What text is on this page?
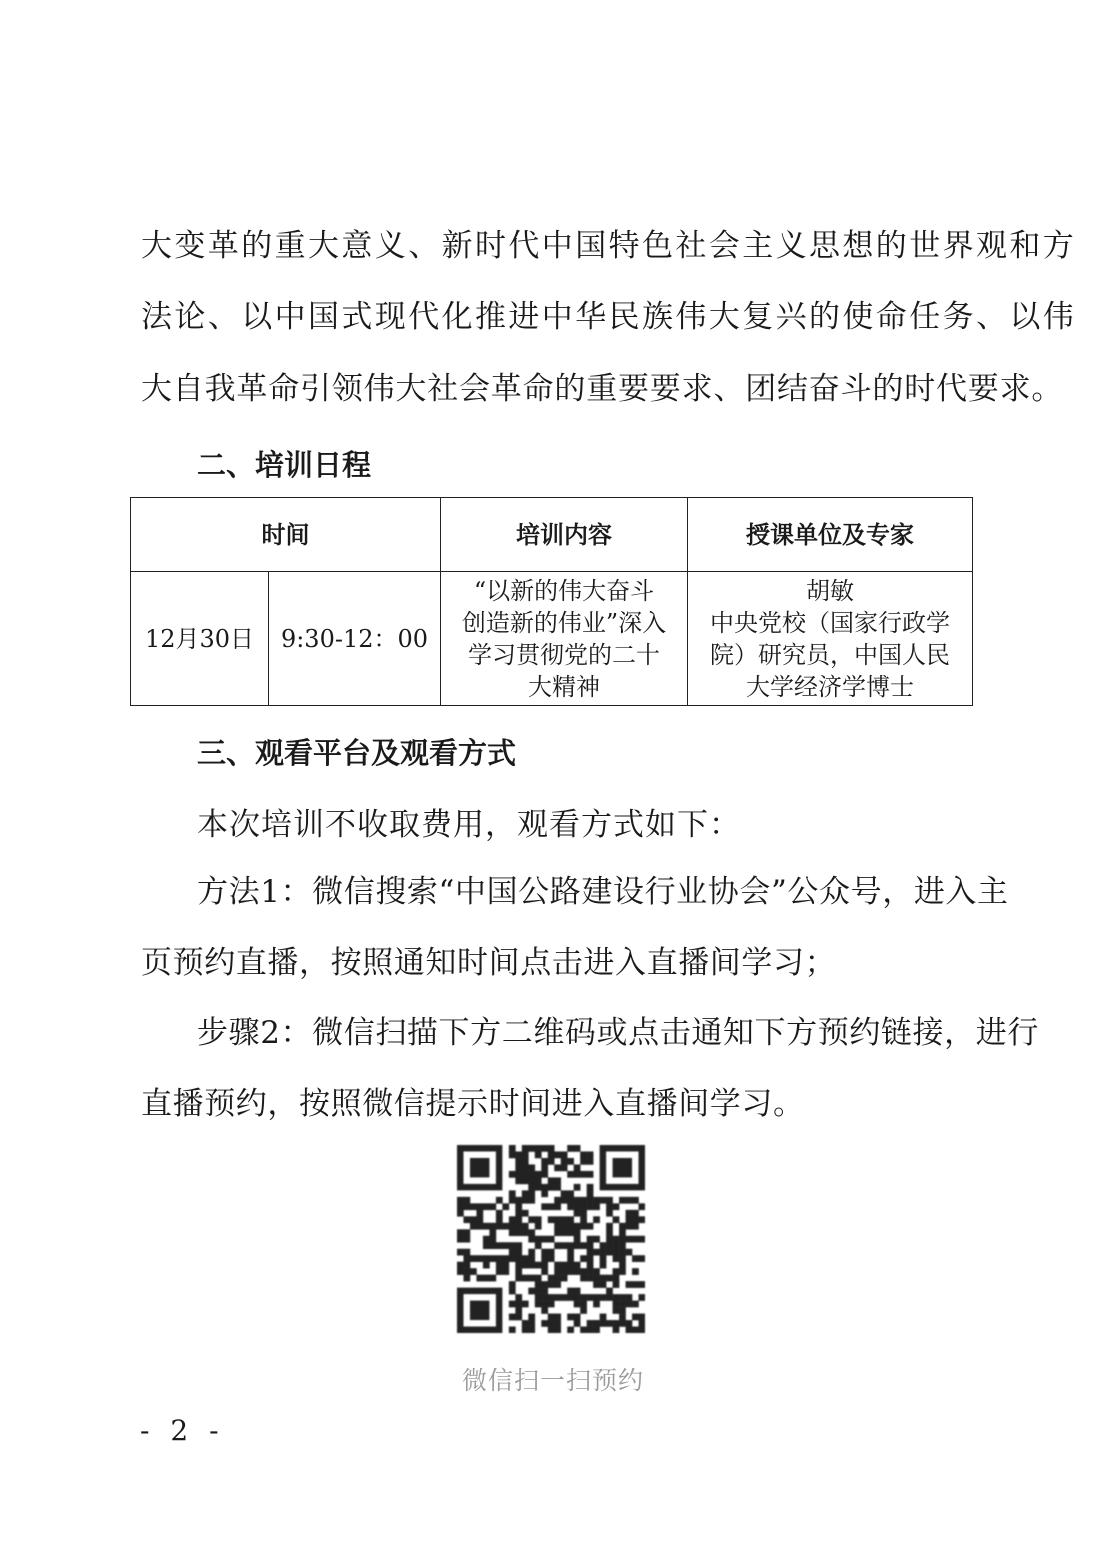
大变革的重大意义、新时代中国特色社会主义思想的世界观和方
法论、以中国式现代化推进中华民族伟大复兴的使命任务、以伟
大自我革命引领伟大社会革命的重要要求、团结奋斗的时代要求。
二、培训日程
时间		培训内容	授课单位及专家
12月30日	9:30-12：00	“以新的伟大奋斗
创造新的伟业”深入
学习贯彻党的二十
大精神	胡敏
中央党校（国家行政学
院）研究员，中国人民
大学经济学博士
三、观看平台及观看方式
本次培训不收取费用，观看方式如下：
方法1：微信搜索“中国公路建设行业协会”公众号，进入主
页预约直播，按照通知时间点击进入直播间学习；
步骤2：微信扫描下方二维码或点击通知下方预约链接，进行
直播预约，按照微信提示时间进入直播间学习。
微信扫一扫预约
- 2 -
